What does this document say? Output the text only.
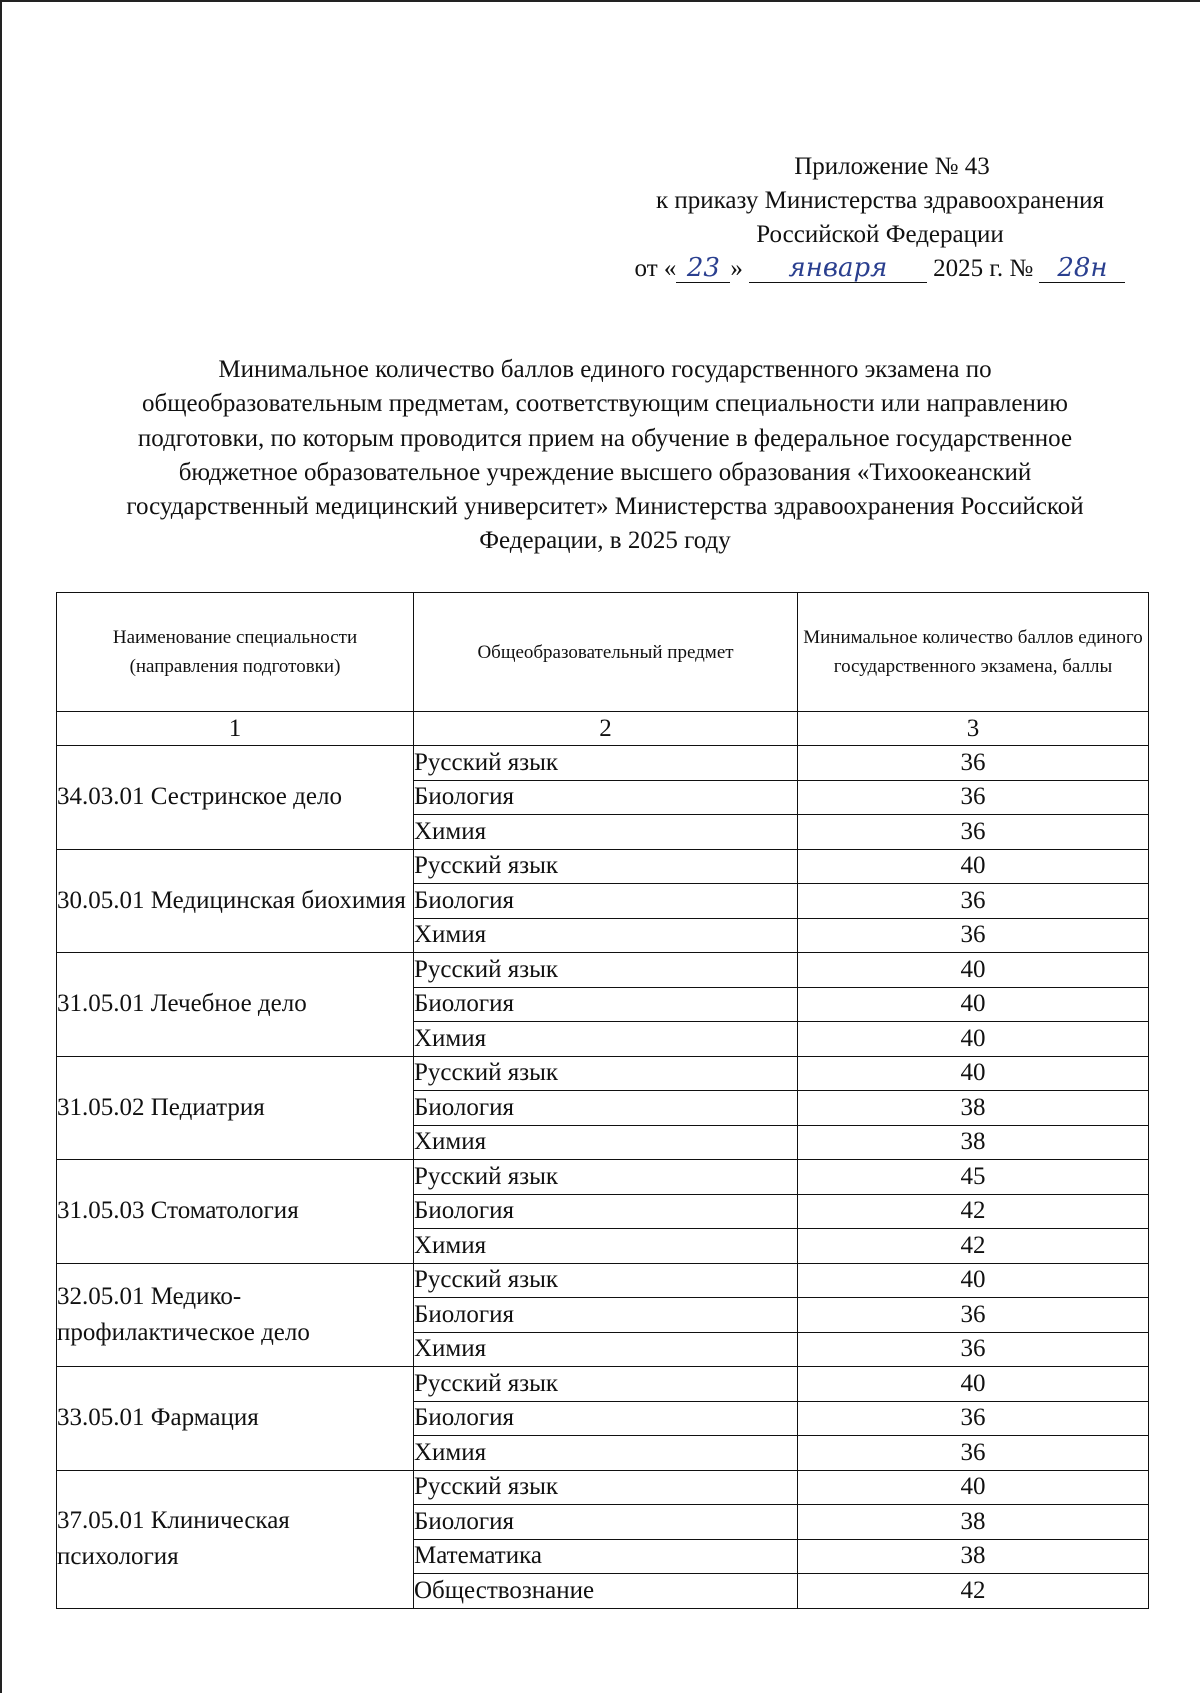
Приложение № 43
к приказу Министерства здравоохранения
Российской Федерации
от « 23 » января 2025 г. № 28н
Минимальное количество баллов единого государственного экзамена по
общеобразовательным предметам, соответствующим специальности или направлению
подготовки, по которым проводится прием на обучение в федеральное государственное
бюджетное образовательное учреждение высшего образования «Тихоокеанский
государственный медицинский университет» Министерства здравоохранения Российской
Федерации, в 2025 году
Наименование специальности (направления подготовки)	Общеобразовательный предмет	Минимальное количество баллов единого государственного экзамена, баллы
1	2	3
34.03.01 Сестринское дело	Русский язык	36
	Биология	36
	Химия	36
30.05.01 Медицинская биохимия	Русский язык	40
	Биология	36
	Химия	36
31.05.01 Лечебное дело	Русский язык	40
	Биология	40
	Химия	40
31.05.02 Педиатрия	Русский язык	40
	Биология	38
	Химия	38
31.05.03 Стоматология	Русский язык	45
	Биология	42
	Химия	42
32.05.01 Медико-профилактическое дело	Русский язык	40
	Биология	36
	Химия	36
33.05.01 Фармация	Русский язык	40
	Биология	36
	Химия	36
37.05.01 Клиническая психология	Русский язык	40
	Биология	38
	Математика	38
	Обществознание	42
